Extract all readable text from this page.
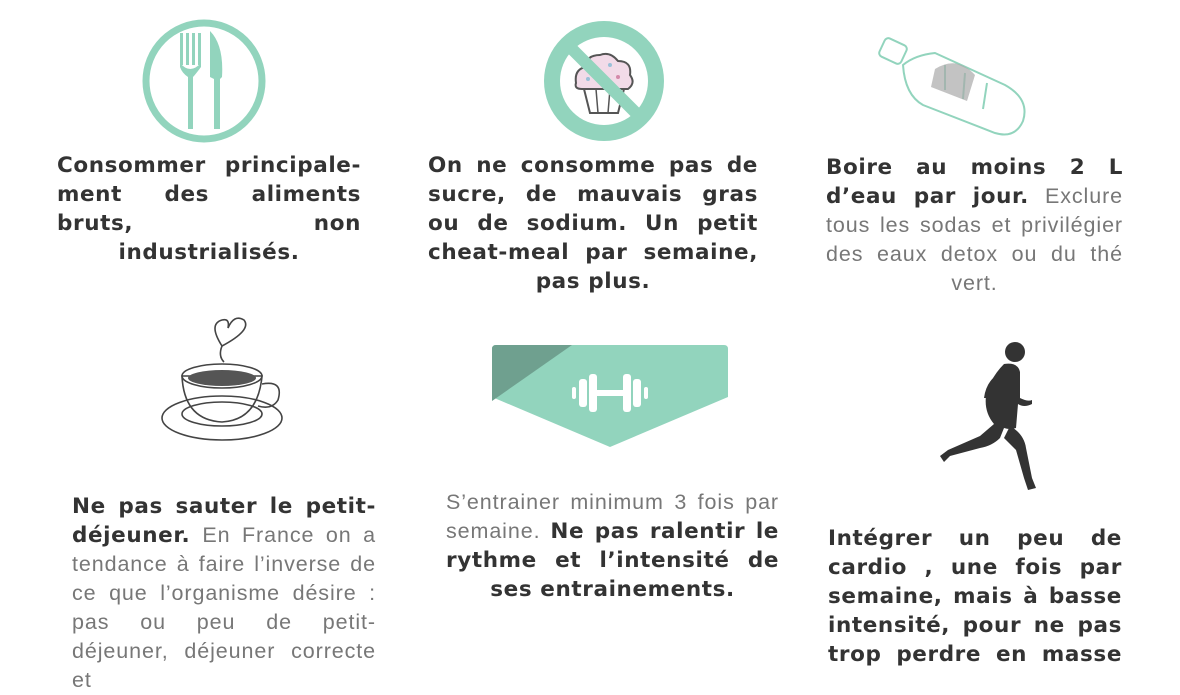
Consommer principale-ment des aliments bruts, non industrialisés.
On ne consomme pas de sucre, de mauvais gras ou de sodium. Un petit cheat-meal par semaine, pas plus.
Boire au moins 2 L d’eau par jour. Exclure tous les sodas et privilégier des eaux detox ou du thé vert.
Ne pas sauter le petit-déjeuner. En France on a tendance à faire l’inverse de ce que l’organisme désire : pas ou peu de petit-déjeuner, déjeuner correcte et
S’entrainer minimum 3 fois par semaine. Ne pas ralentir le rythme et l’intensité de ses entrainements.
Intégrer un peu de cardio , une fois par semaine, mais à basse intensité, pour ne pas trop perdre en masse
